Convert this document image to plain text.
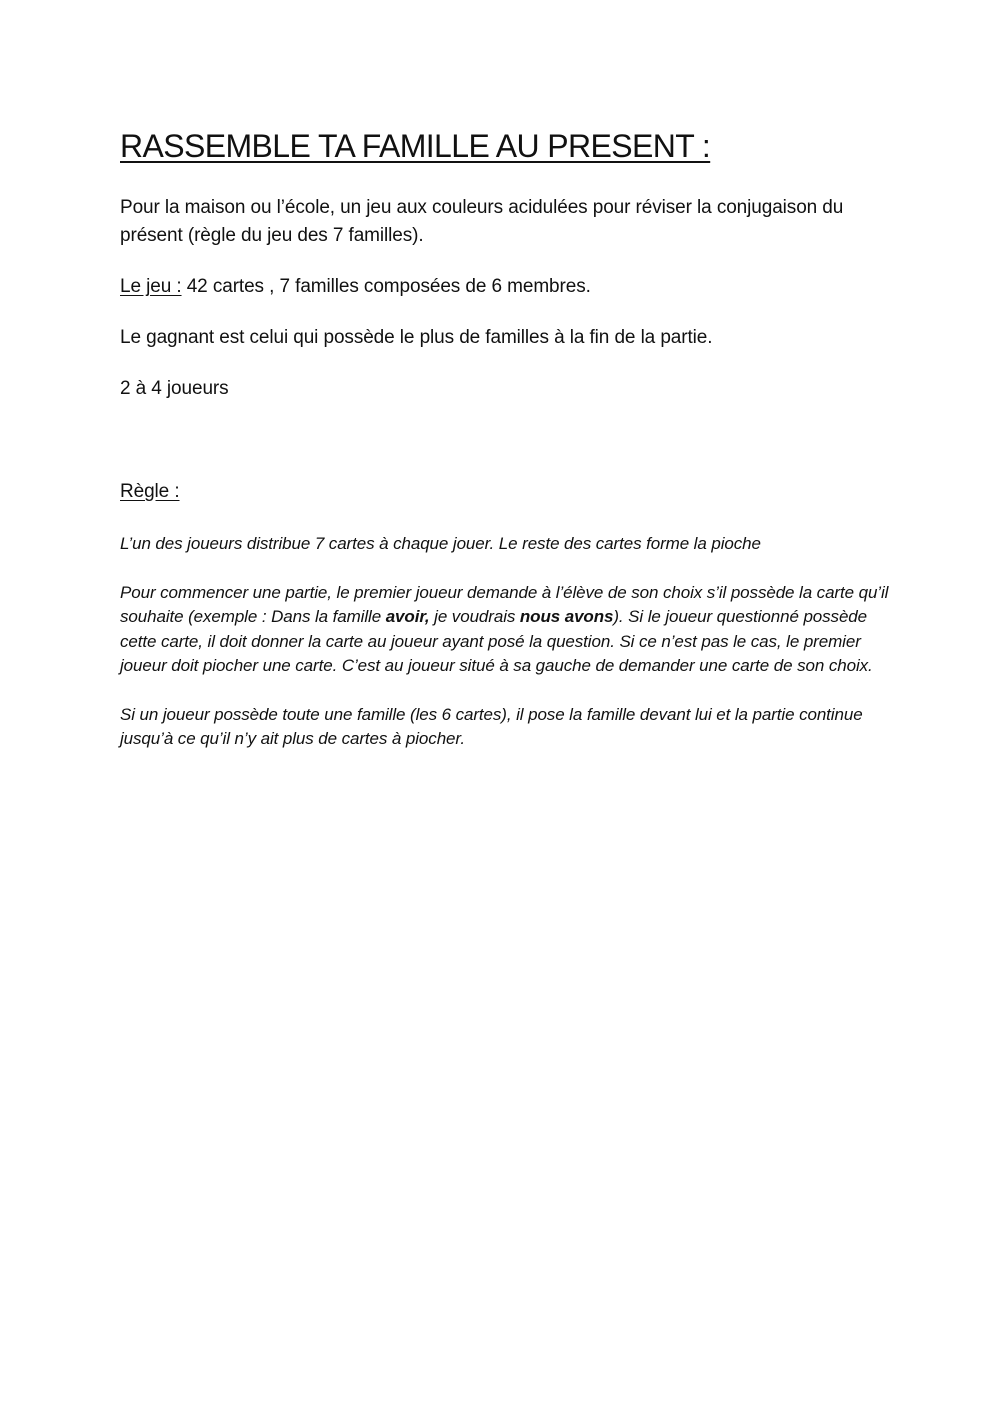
RASSEMBLE TA FAMILLE AU PRESENT :

Pour la maison ou l’école, un jeu aux couleurs acidulées pour réviser la conjugaison du présent (règle du jeu des 7 familles).

Le jeu : 42 cartes , 7 familles composées de 6 membres.

Le gagnant est celui qui possède le plus de familles à la fin de la partie.

2 à 4 joueurs

Règle :

L’un des joueurs distribue 7 cartes à chaque jouer. Le reste des cartes forme la pioche

Pour commencer une partie, le premier joueur demande à l’élève de son choix s’il possède la carte qu’il souhaite (exemple : Dans la famille avoir, je voudrais nous avons). Si le joueur questionné possède cette carte, il doit donner la carte au joueur ayant posé la question. Si ce n’est pas le cas, le premier joueur doit piocher une carte. C’est au joueur situé à sa gauche de demander une carte de son choix.

Si un joueur possède toute une famille (les 6 cartes), il pose la famille devant lui et la partie continue jusqu’à ce qu’il n’y ait plus de cartes à piocher.
